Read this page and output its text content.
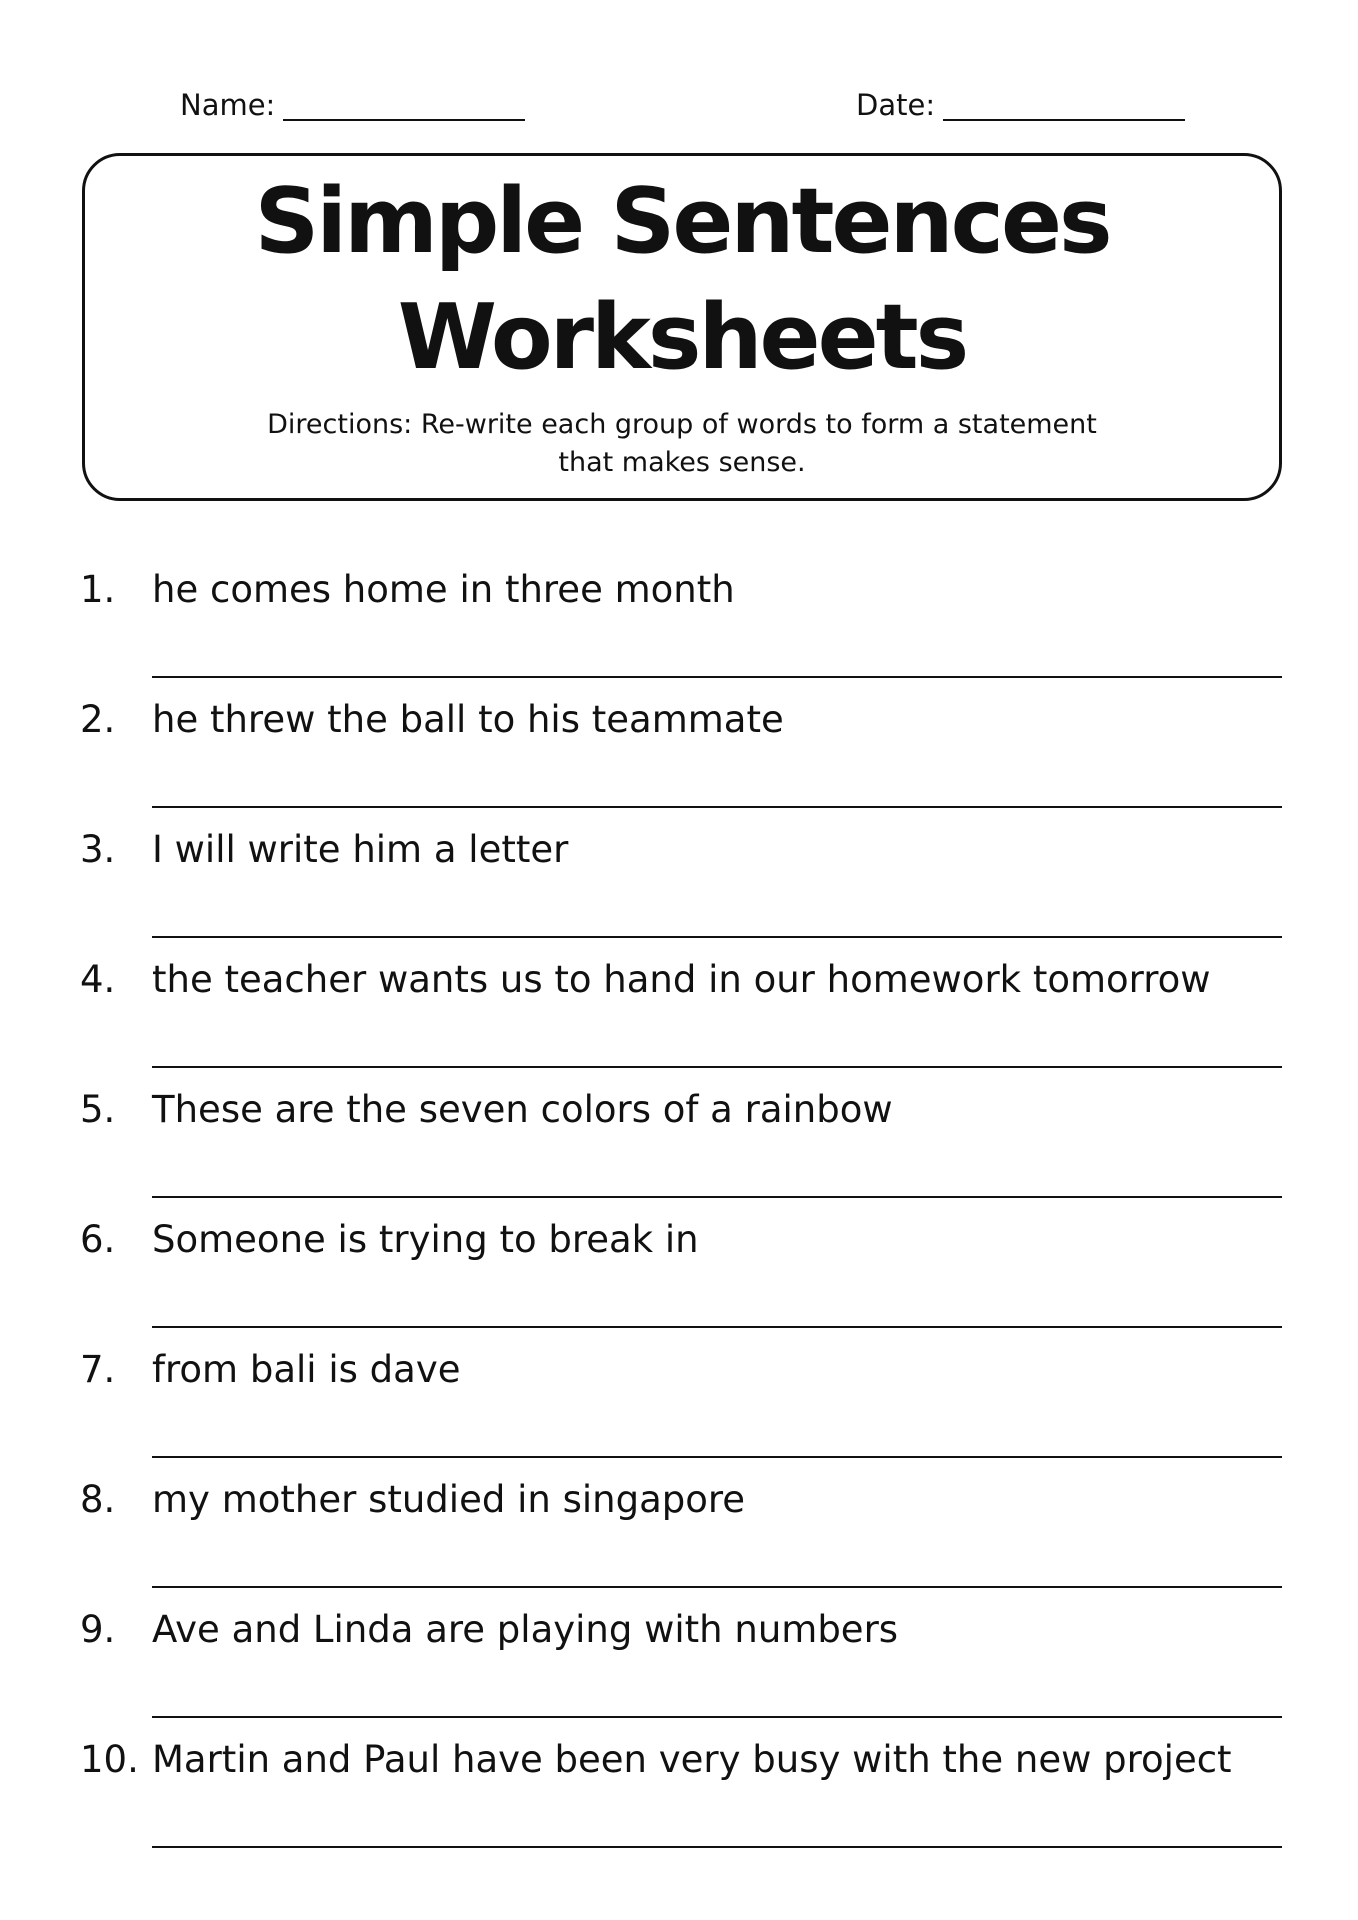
Name:	Date:
Simple Sentences
Worksheets
Directions: Re-write each group of words to form a statement
that makes sense.
1. he comes home in three month
2. he threw the ball to his teammate
3. I will write him a letter
4. the teacher wants us to hand in our homework tomorrow
5. These are the seven colors of a rainbow
6. Someone is trying to break in
7. from bali is dave
8. my mother studied in singapore
9. Ave and Linda are playing with numbers
10. Martin and Paul have been very busy with the new project
